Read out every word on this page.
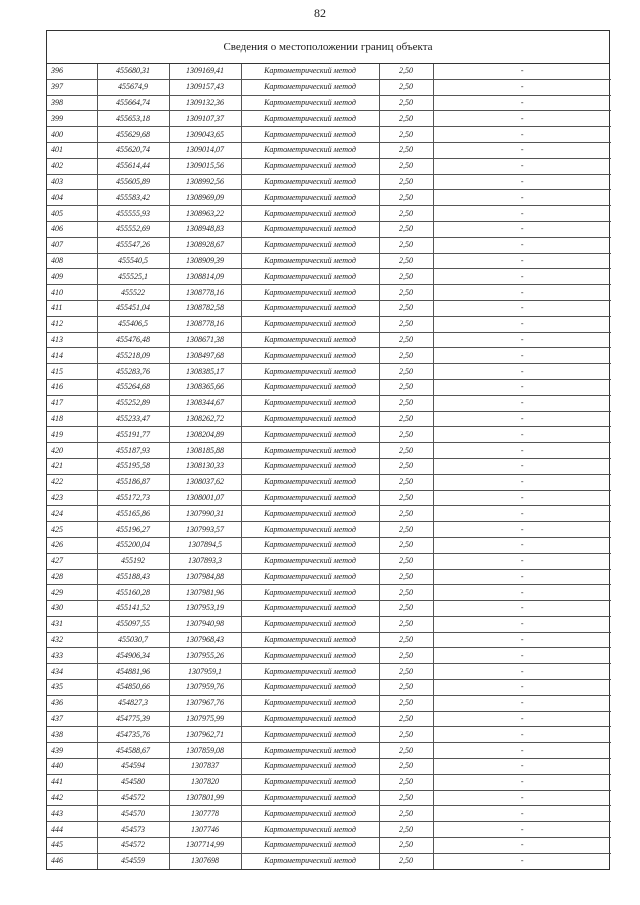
82
Сведения о местоположении границ объекта
396	455680,31	1309169,41	Картометрический метод	2,50	-
397	455674,9	1309157,43	Картометрический метод	2,50	-
398	455664,74	1309132,36	Картометрический метод	2,50	-
399	455653,18	1309107,37	Картометрический метод	2,50	-
400	455629,68	1309043,65	Картометрический метод	2,50	-
401	455620,74	1309014,07	Картометрический метод	2,50	-
402	455614,44	1309015,56	Картометрический метод	2,50	-
403	455605,89	1308992,56	Картометрический метод	2,50	-
404	455583,42	1308969,09	Картометрический метод	2,50	-
405	455555,93	1308963,22	Картометрический метод	2,50	-
406	455552,69	1308948,83	Картометрический метод	2,50	-
407	455547,26	1308928,67	Картометрический метод	2,50	-
408	455540,5	1308909,39	Картометрический метод	2,50	-
409	455525,1	1308814,09	Картометрический метод	2,50	-
410	455522	1308778,16	Картометрический метод	2,50	-
411	455451,04	1308782,58	Картометрический метод	2,50	-
412	455406,5	1308778,16	Картометрический метод	2,50	-
413	455476,48	1308671,38	Картометрический метод	2,50	-
414	455218,09	1308497,68	Картометрический метод	2,50	-
415	455283,76	1308385,17	Картометрический метод	2,50	-
416	455264,68	1308365,66	Картометрический метод	2,50	-
417	455252,89	1308344,67	Картометрический метод	2,50	-
418	455233,47	1308262,72	Картометрический метод	2,50	-
419	455191,77	1308204,89	Картометрический метод	2,50	-
420	455187,93	1308185,88	Картометрический метод	2,50	-
421	455195,58	1308130,33	Картометрический метод	2,50	-
422	455186,87	1308037,62	Картометрический метод	2,50	-
423	455172,73	1308001,07	Картометрический метод	2,50	-
424	455165,86	1307990,31	Картометрический метод	2,50	-
425	455196,27	1307993,57	Картометрический метод	2,50	-
426	455200,04	1307894,5	Картометрический метод	2,50	-
427	455192	1307893,3	Картометрический метод	2,50	-
428	455188,43	1307984,88	Картометрический метод	2,50	-
429	455160,28	1307981,96	Картометрический метод	2,50	-
430	455141,52	1307953,19	Картометрический метод	2,50	-
431	455097,55	1307940,98	Картометрический метод	2,50	-
432	455030,7	1307968,43	Картометрический метод	2,50	-
433	454906,34	1307955,26	Картометрический метод	2,50	-
434	454881,96	1307959,1	Картометрический метод	2,50	-
435	454850,66	1307959,76	Картометрический метод	2,50	-
436	454827,3	1307967,76	Картометрический метод	2,50	-
437	454775,39	1307975,99	Картометрический метод	2,50	-
438	454735,76	1307962,71	Картометрический метод	2,50	-
439	454588,67	1307859,08	Картометрический метод	2,50	-
440	454594	1307837	Картометрический метод	2,50	-
441	454580	1307820	Картометрический метод	2,50	-
442	454572	1307801,99	Картометрический метод	2,50	-
443	454570	1307778	Картометрический метод	2,50	-
444	454573	1307746	Картометрический метод	2,50	-
445	454572	1307714,99	Картометрический метод	2,50	-
446	454559	1307698	Картометрический метод	2,50	-
